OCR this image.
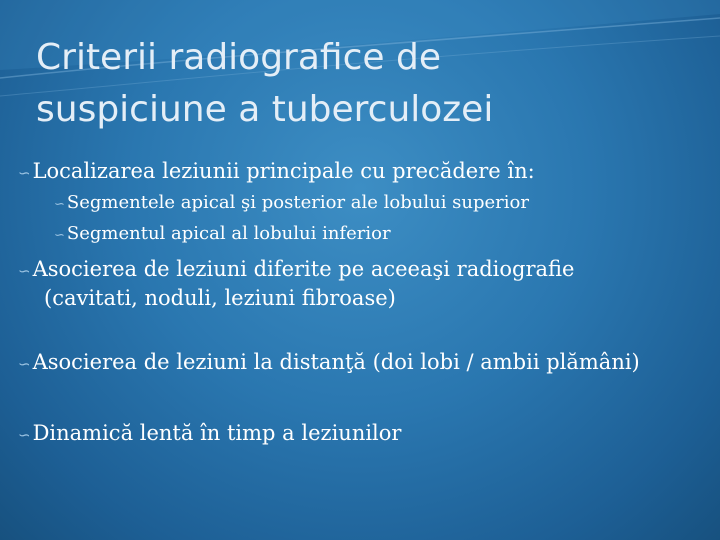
Criterii radiografice de
suspiciune a tuberculozei
∽Localizarea leziunii principale cu precădere în:
∽ Segmentele apical şi posterior ale lobului superior
∽ Segmentul apical al lobului inferior
∽Asocierea de leziuni diferite pe aceeaşi radiografie
(cavitati, noduli, leziuni fibroase)
∽Asocierea de leziuni la distanţă (doi lobi / ambii plămâni)
∽Dinamică lentă în timp a leziunilor
